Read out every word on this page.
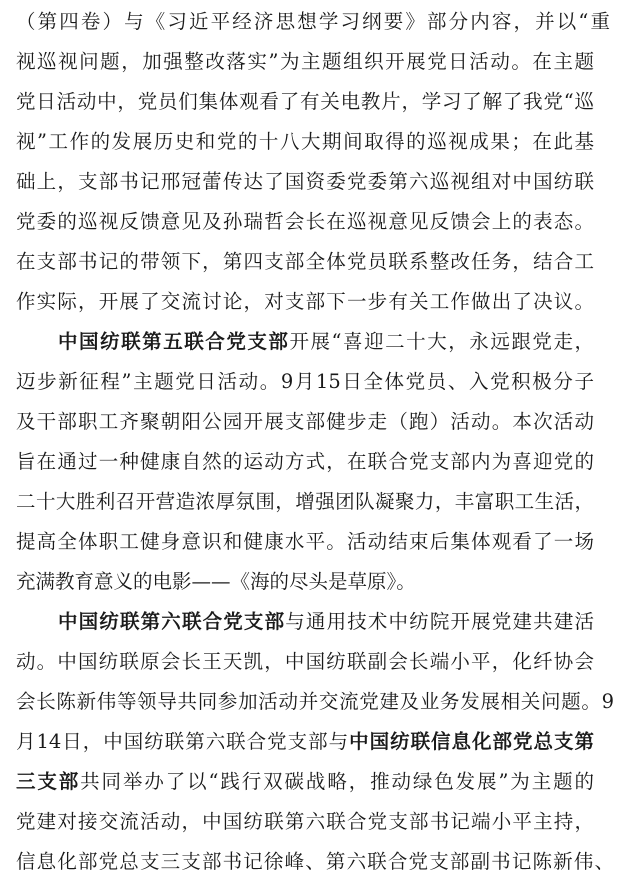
（第四卷）与《习近平经济思想学习纲要》部分内容，并以“重
视巡视问题，加强整改落实”为主题组织开展党日活动。在主题
党日活动中，党员们集体观看了有关电教片，学习了解了我党“巡
视”工作的发展历史和党的十八大期间取得的巡视成果；在此基
础上，支部书记邢冠蕾传达了国资委党委第六巡视组对中国纺联
党委的巡视反馈意见及孙瑞哲会长在巡视意见反馈会上的表态。
在支部书记的带领下，第四支部全体党员联系整改任务，结合工
作实际，开展了交流讨论，对支部下一步有关工作做出了决议。
中国纺联第五联合党支部开展“喜迎二十大，永远跟党走，
迈步新征程”主题党日活动。9月15日全体党员、入党积极分子
及干部职工齐聚朝阳公园开展支部健步走（跑）活动。本次活动
旨在通过一种健康自然的运动方式，在联合党支部内为喜迎党的
二十大胜利召开营造浓厚氛围，增强团队凝聚力，丰富职工生活，
提高全体职工健身意识和健康水平。活动结束后集体观看了一场
充满教育意义的电影——《海的尽头是草原》。
中国纺联第六联合党支部与通用技术中纺院开展党建共建活
动。中国纺联原会长王天凯，中国纺联副会长端小平，化纤协会
会长陈新伟等领导共同参加活动并交流党建及业务发展相关问题。9
月14日，中国纺联第六联合党支部与中国纺联信息化部党总支第
三支部共同举办了以“践行双碳战略，推动绿色发展”为主题的
党建对接交流活动，中国纺联第六联合党支部书记端小平主持，
信息化部党总支三支部书记徐峰、第六联合党支部副书记陈新伟、
